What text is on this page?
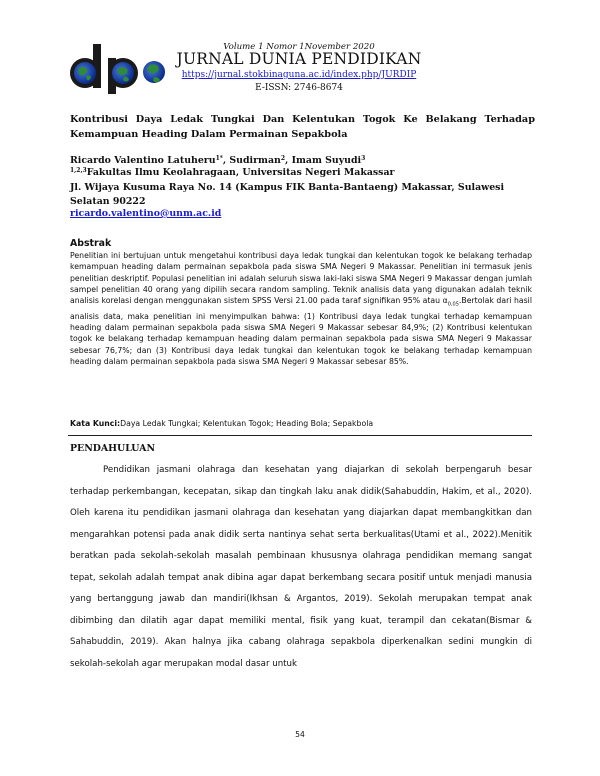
Volume 1 Nomor 1November 2020
JURNAL DUNIA PENDIDIKAN
https://jurnal.stokbinaguna.ac.id/index.php/JURDIP
E-ISSN: 2746-8674
Kontribusi Daya Ledak Tungkai Dan Kelentukan Togok Ke Belakang Terhadap Kemampuan Heading Dalam Permainan Sepakbola
Ricardo Valentino Latuheru$^{1*}$, Sudirman$^2$, Imam Suyudi$^3$
$^{1,2,3}$Fakultas Ilmu Keolahragaan, Universitas Negeri Makassar
Jl. Wijaya Kusuma Raya No. 14 (Kampus FIK Banta-Bantaeng) Makassar, Sulawesi Selatan 90222
ricardo.valentino@unm.ac.id
Abstrak
Penelitian ini bertujuan untuk mengetahui kontribusi daya ledak tungkai dan kelentukan togok ke belakang terhadap kemampuan heading dalam permainan sepakbola pada siswa SMA Negeri 9 Makassar. Penelitian ini termasuk jenis penelitian deskriptif. Populasi penelitian ini adalah seluruh siswa laki-laki siswa SMA Negeri 9 Makassar dengan jumlah sampel penelitian 40 orang yang dipilih secara random sampling. Teknik analisis data yang digunakan adalah teknik analisis korelasi dengan menggunakan sistem SPSS Versi 21.00 pada taraf signifikan 95% atau $\alpha_{0,05}.Bertolak$ dari hasil analisis data, maka penelitian ini menyimpulkan bahwa: (1) Kontribusi daya ledak tungkai terhadap kemampuan heading dalam permainan sepakbola pada siswa SMA Negeri 9 Makassar sebesar 84,9%; (2) Kontribusi kelentukan togok ke belakang terhadap kemampuan heading dalam permainan sepakbola pada siswa SMA Negeri 9 Makassar sebesar 76,7%; dan (3) Kontribusi daya ledak tungkai dan kelentukan togok ke belakang terhadap kemampuan heading dalam permainan sepakbola pada siswa SMA Negeri 9 Makassar sebesar 85%.
Kata Kunci:Daya Ledak Tungkai; Kelentukan Togok; Heading Bola; Sepakbola
PENDAHULUAN
Pendidikan jasmani olahraga dan kesehatan yang diajarkan di sekolah berpengaruh besar terhadap perkembangan, kecepatan, sikap dan tingkah laku anak didik(Sahabuddin, Hakim, et al., 2020). Oleh karena itu pendidikan jasmani olahraga dan kesehatan yang diajarkan dapat membangkitkan dan mengarahkan potensi pada anak didik serta nantinya sehat serta berkualitas(Utami et al., 2022).Menitik beratkan pada sekolah-sekolah masalah pembinaan khususnya olahraga pendidikan memang sangat tepat, sekolah adalah tempat anak dibina agar dapat berkembang secara positif untuk menjadi manusia yang bertanggung jawab dan mandiri(Ikhsan & Argantos, 2019). Sekolah merupakan tempat anak dibimbing dan dilatih agar dapat memiliki mental, fisik yang kuat, terampil dan cekatan(Bismar & Sahabuddin, 2019). Akan halnya jika cabang olahraga sepakbola diperkenalkan sedini mungkin di sekolah-sekolah agar merupakan modal dasar untuk
54
